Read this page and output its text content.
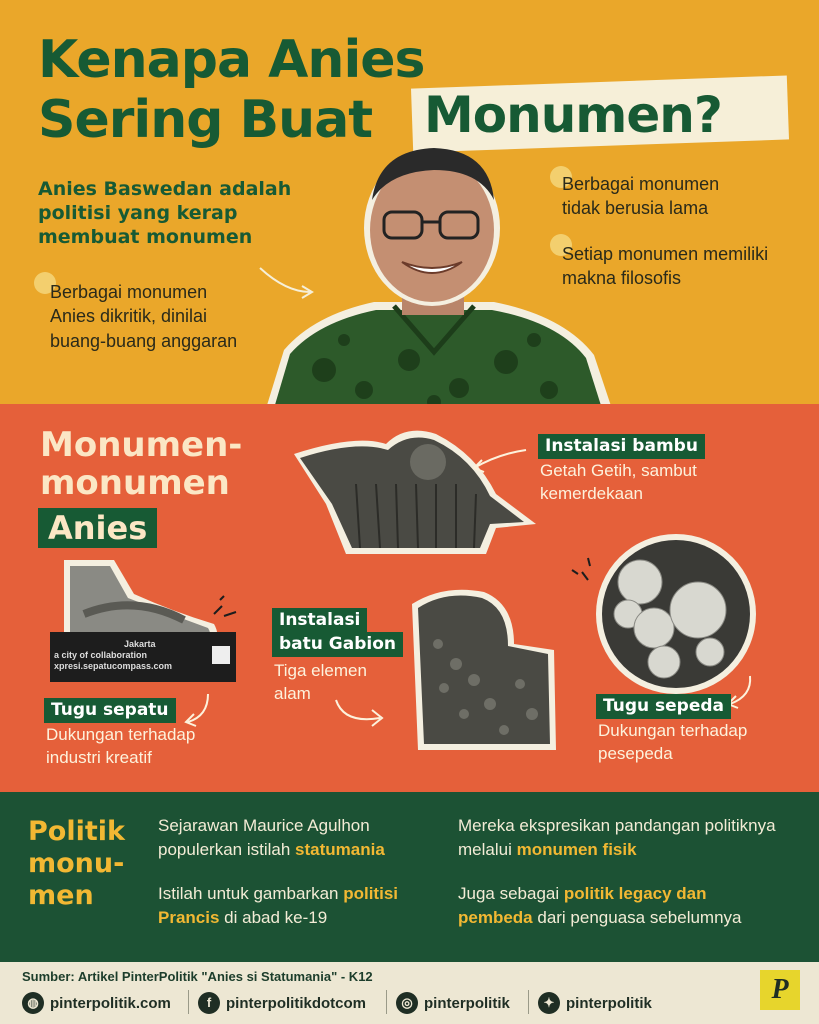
Kenapa Anies
Sering Buat Monumen?
Anies Baswedan adalah politisi yang kerap membuat monumen
Berbagai monumen Anies dikritik, dinilai buang-buang anggaran
Berbagai monumen tidak berusia lama
Setiap monumen memiliki makna filosofis
Monumen-
monumen
Anies
Instalasi bambu
Getah Getih, sambut kemerdekaan
Jakarta
a city of collaboration
xpresi.sepatucompass.com
Tugu sepatu
Dukungan terhadap industri kreatif
Instalasi
batu Gabion
Tiga elemen alam
Tugu sepeda
Dukungan terhadap pesepeda
Politik
monu-
men
Sejarawan Maurice Agulhon populerkan istilah statumania
Istilah untuk gambarkan politisi Prancis di abad ke-19
Mereka ekspresikan pandangan politiknya melalui monumen fisik
Juga sebagai politik legacy dan
pembeda dari penguasa sebelumnya
Sumber: Artikel PinterPolitik "Anies si Statumania" - K12
◍ pinterpolitik.com	f pinterpolitikdotcom	◎ pinterpolitik	✦ pinterpolitik	P
